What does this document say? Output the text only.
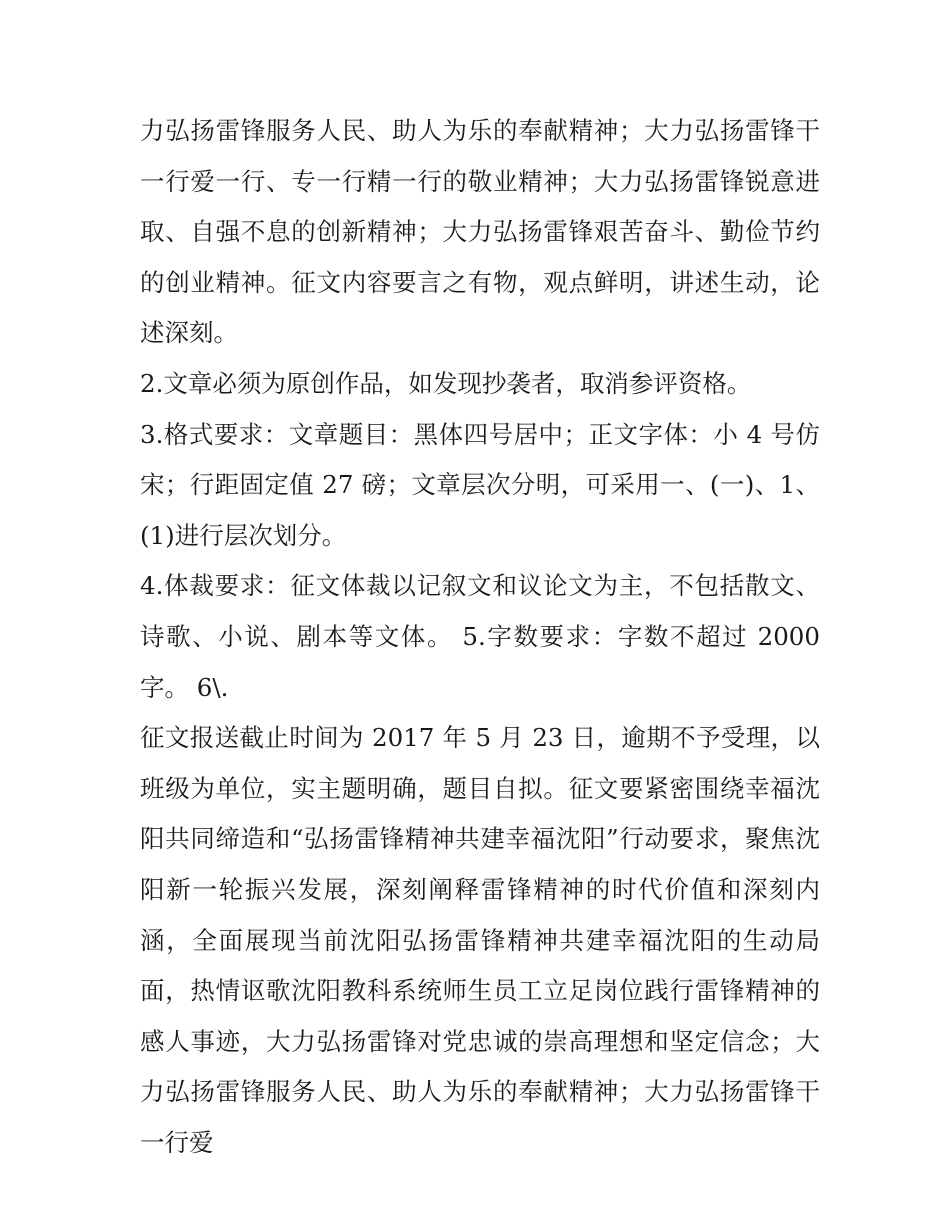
力弘扬雷锋服务人民、助人为乐的奉献精神；大力弘扬雷锋干一行爱一行、专一行精一行的敬业精神；大力弘扬雷锋锐意进取、自强不息的创新精神；大力弘扬雷锋艰苦奋斗、勤俭节约的创业精神。征文内容要言之有物，观点鲜明，讲述生动，论述深刻。

2.文章必须为原创作品，如发现抄袭者，取消参评资格。

3.格式要求：文章题目：黑体四号居中；正文字体：小 4 号仿宋；行距固定值 27 磅；文章层次分明，可采用一、(一)、1、(1)进行层次划分。

4.体裁要求：征文体裁以记叙文和议论文为主，不包括散文、诗歌、小说、剧本等文体。 5.字数要求：字数不超过 2000 字。 6\.

征文报送截止时间为 2017 年 5 月 23 日，逾期不予受理，以班级为单位，实主题明确，题目自拟。征文要紧密围绕幸福沈阳共同缔造和“弘扬雷锋精神共建幸福沈阳”行动要求，聚焦沈阳新一轮振兴发展，深刻阐释雷锋精神的时代价值和深刻内涵，全面展现当前沈阳弘扬雷锋精神共建幸福沈阳的生动局面，热情讴歌沈阳教科系统师生员工立足岗位践行雷锋精神的感人事迹，大力弘扬雷锋对党忠诚的崇高理想和坚定信念；大力弘扬雷锋服务人民、助人为乐的奉献精神；大力弘扬雷锋干一行爱
